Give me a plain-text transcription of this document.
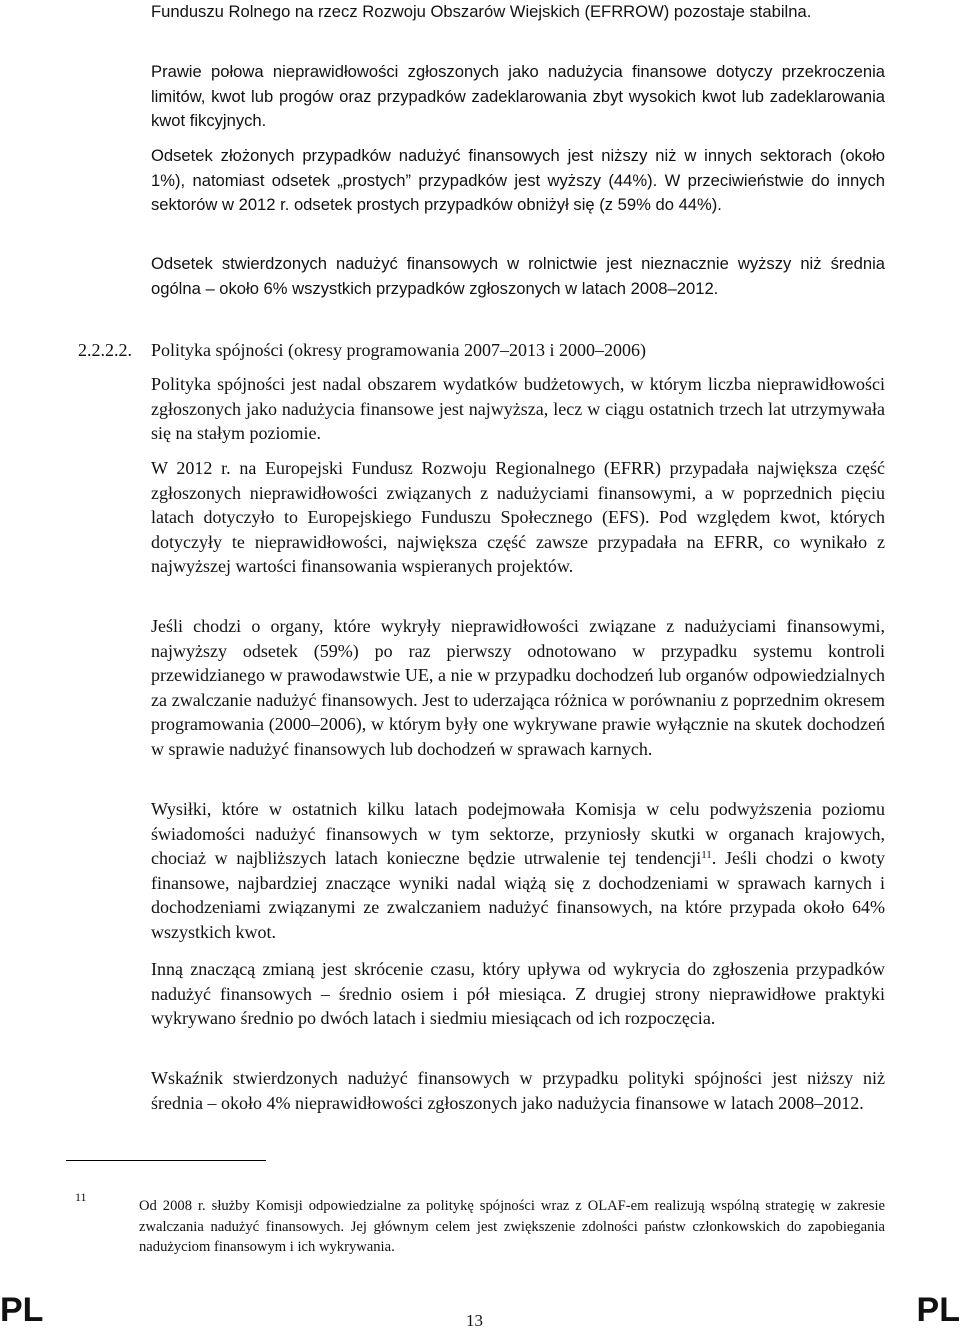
Funduszu Rolnego na rzecz Rozwoju Obszarów Wiejskich (EFRROW) pozostaje stabilna.

Prawie połowa nieprawidłowości zgłoszonych jako nadużycia finansowe dotyczy przekroczenia limitów, kwot lub progów oraz przypadków zadeklarowania zbyt wysokich kwot lub zadeklarowania kwot fikcyjnych.

Odsetek złożonych przypadków nadużyć finansowych jest niższy niż w innych sektorach (około 1%), natomiast odsetek „prostych” przypadków jest wyższy (44%). W przeciwieństwie do innych sektorów w 2012 r. odsetek prostych przypadków obniżył się (z 59% do 44%).

Odsetek stwierdzonych nadużyć finansowych w rolnictwie jest nieznacznie wyższy niż średnia ogólna – około 6% wszystkich przypadków zgłoszonych w latach 2008–2012.

2.2.2.2. Polityka spójności (okresy programowania 2007–2013 i 2000–2006)

Polityka spójności jest nadal obszarem wydatków budżetowych, w którym liczba nieprawidłowości zgłoszonych jako nadużycia finansowe jest najwyższa, lecz w ciągu ostatnich trzech lat utrzymywała się na stałym poziomie.

W 2012 r. na Europejski Fundusz Rozwoju Regionalnego (EFRR) przypadała największa część zgłoszonych nieprawidłowości związanych z nadużyciami finansowymi, a w poprzednich pięciu latach dotyczyło to Europejskiego Funduszu Społecznego (EFS). Pod względem kwot, których dotyczyły te nieprawidłowości, największa część zawsze przypadała na EFRR, co wynikało z najwyższej wartości finansowania wspieranych projektów.

Jeśli chodzi o organy, które wykryły nieprawidłowości związane z nadużyciami finansowymi, najwyższy odsetek (59%) po raz pierwszy odnotowano w przypadku systemu kontroli przewidzianego w prawodawstwie UE, a nie w przypadku dochodzeń lub organów odpowiedzialnych za zwalczanie nadużyć finansowych. Jest to uderzająca różnica w porównaniu z poprzednim okresem programowania (2000–2006), w którym były one wykrywane prawie wyłącznie na skutek dochodzeń w sprawie nadużyć finansowych lub dochodzeń w sprawach karnych.

Wysiłki, które w ostatnich kilku latach podejmowała Komisja w celu podwyższenia poziomu świadomości nadużyć finansowych w tym sektorze, przyniosły skutki w organach krajowych, chociaż w najbliższych latach konieczne będzie utrwalenie tej tendencji$^{11}$. Jeśli chodzi o kwoty finansowe, najbardziej znaczące wyniki nadal wiążą się z dochodzeniami w sprawach karnych i dochodzeniami związanymi ze zwalczaniem nadużyć finansowych, na które przypada około 64% wszystkich kwot.

Inną znaczącą zmianą jest skrócenie czasu, który upływa od wykrycia do zgłoszenia przypadków nadużyć finansowych – średnio osiem i pół miesiąca. Z drugiej strony nieprawidłowe praktyki wykrywano średnio po dwóch latach i siedmiu miesiącach od ich rozpoczęcia.

Wskaźnik stwierdzonych nadużyć finansowych w przypadku polityki spójności jest niższy niż średnia – około 4% nieprawidłowości zgłoszonych jako nadużycia finansowe w latach 2008–2012.

11

Od 2008 r. służby Komisji odpowiedzialne za politykę spójności wraz z OLAF-em realizują wspólną strategię w zakresie zwalczania nadużyć finansowych. Jej głównym celem jest zwiększenie zdolności państw członkowskich do zapobiegania nadużyciom finansowym i ich wykrywania.

PL	13	PL
